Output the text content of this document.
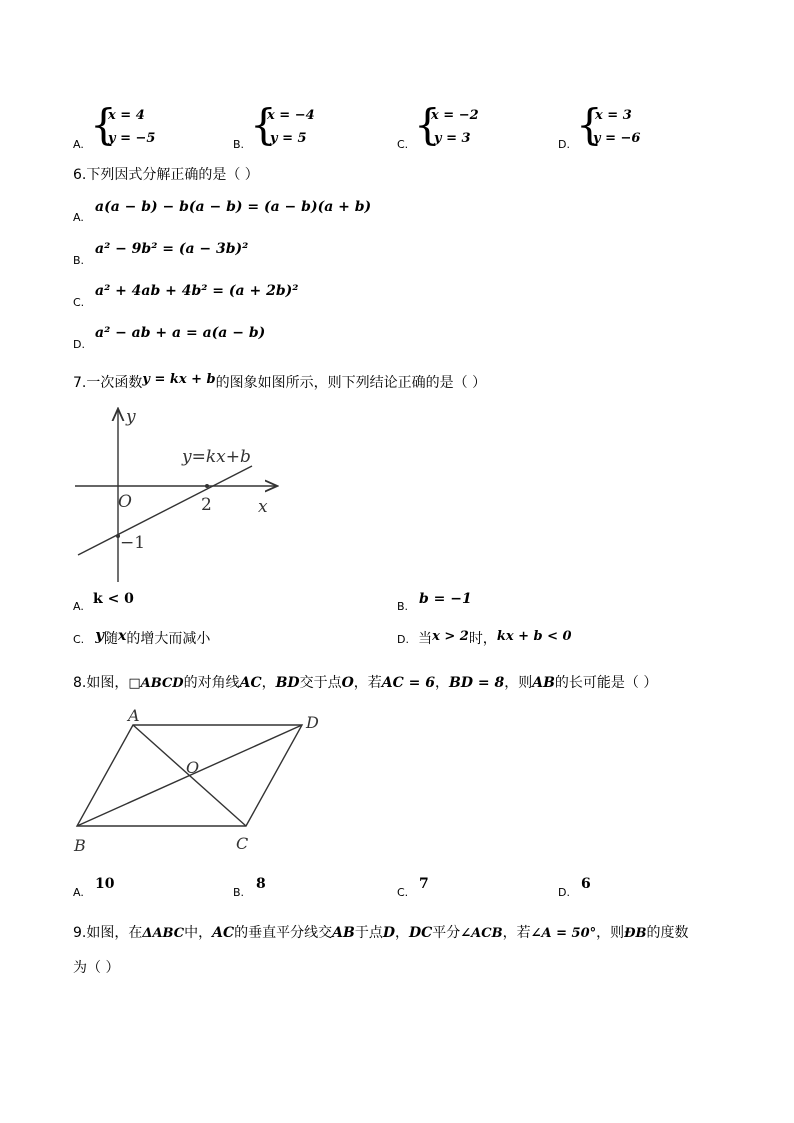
A. {
x = 4
y = −5	B. {
x = −4
y = 5	C. {
x = −2
y = 3	D. {
x = 3
y = −6
6.下列因式分解正确的是（ ）
A.
a(a − b) − b(a − b) = (a − b)(a + b)
B.
a² − 9b² = (a − 3b)²
C.
a² + 4ab + 4b² = (a + 2b)²
D.
a² − ab + a = a(a − b)
7.一次函数y = kx + b的图象如图所示，则下列结论正确的是（ ）
y
x
O	2
−1
y=kx+b
A. k < 0	B. b = −1
C. y随x的增大而减小	D. 当x > 2时，kx + b < 0
8.如图，□ABCD的对角线AC，BD交于点O，若AC = 6，BD = 8，则AB的长可能是（ ）
A	D
B	C
O
A.
10
B.
8
C.
7
D.
6
9.如图，在ΔABC中，AC的垂直平分线交AB于点D，DC平分∠ACB，若∠A = 50°，则ÐB的度数
为（ ）
